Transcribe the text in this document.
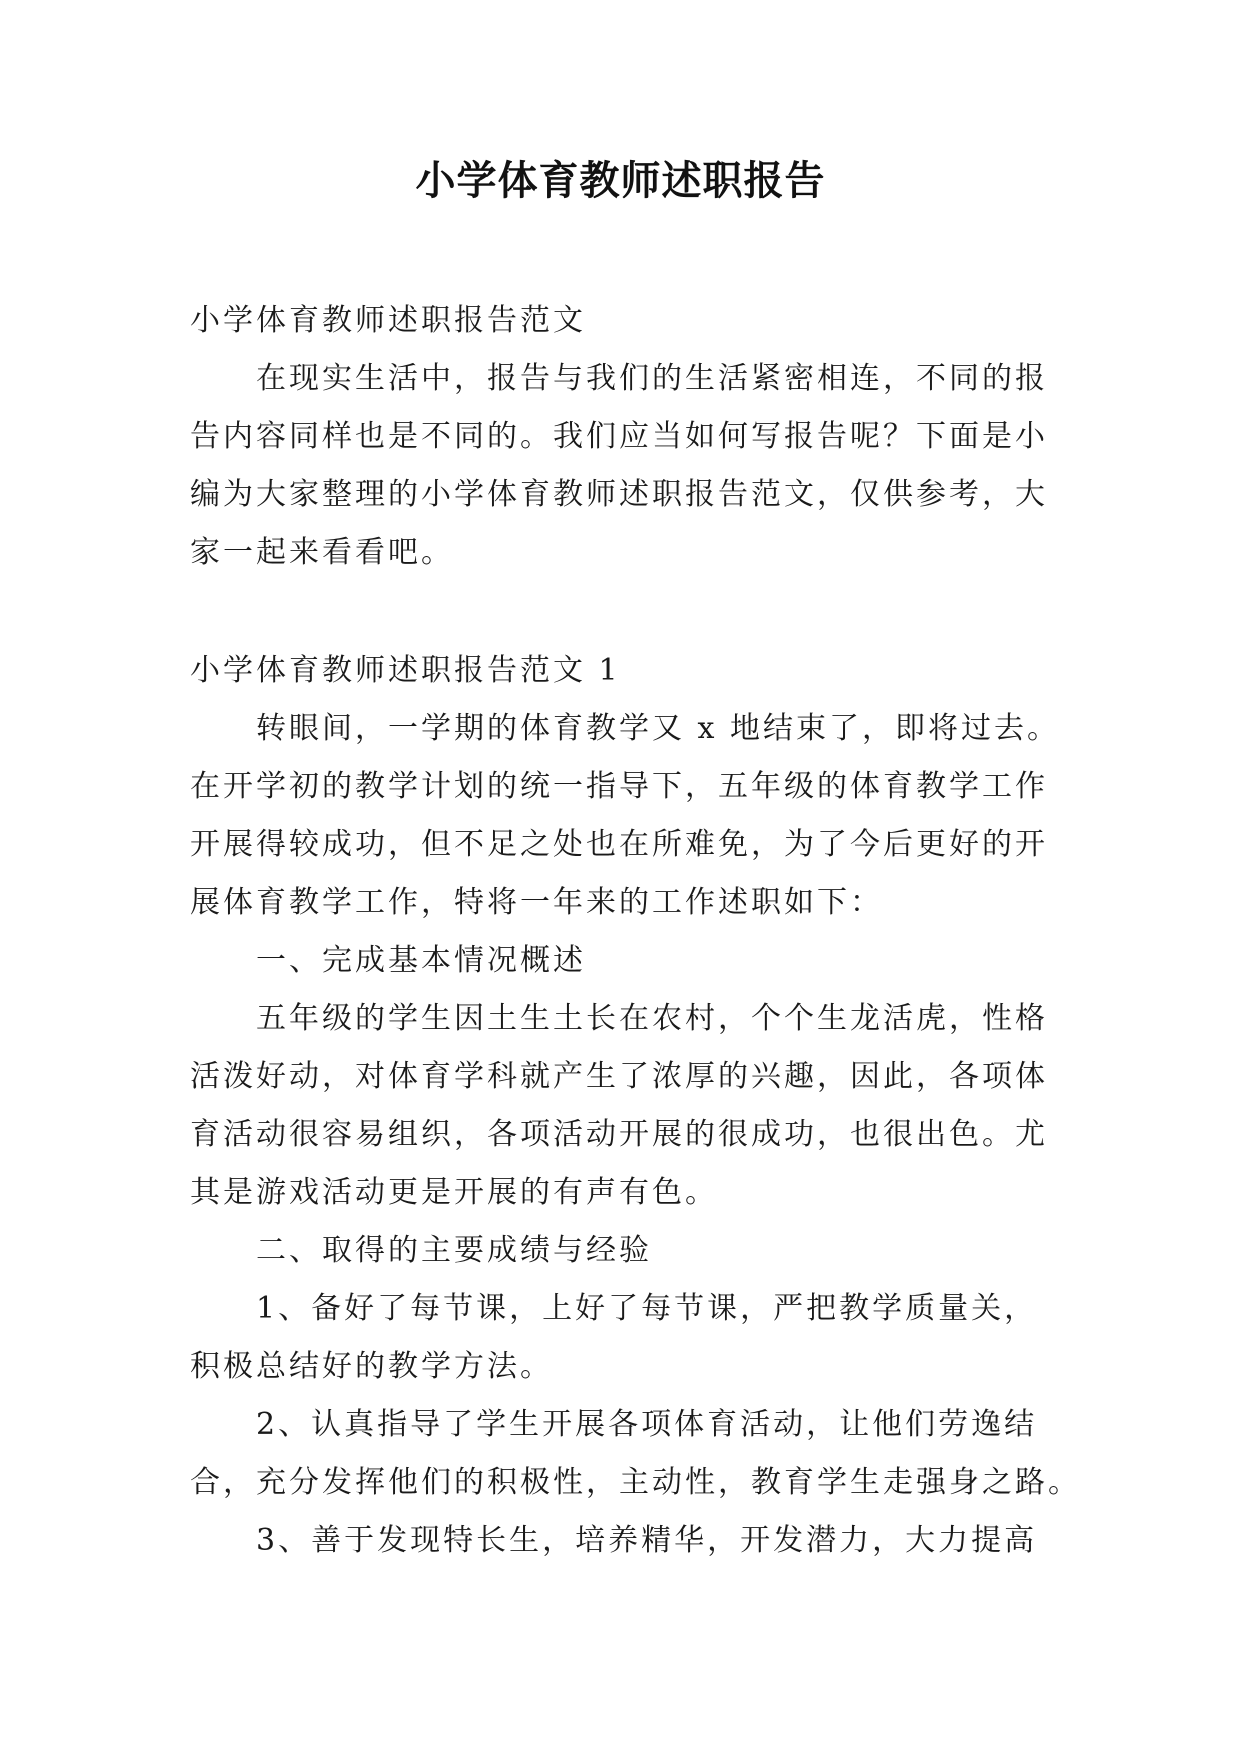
小学体育教师述职报告
小学体育教师述职报告范文
在现实生活中，报告与我们的生活紧密相连，不同的报
告内容同样也是不同的。我们应当如何写报告呢？下面是小
编为大家整理的小学体育教师述职报告范文，仅供参考，大
家一起来看看吧。
小学体育教师述职报告范文 1
转眼间，一学期的体育教学又 x 地结束了，即将过去。
在开学初的教学计划的统一指导下，五年级的体育教学工作
开展得较成功，但不足之处也在所难免，为了今后更好的开
展体育教学工作，特将一年来的工作述职如下：
一、完成基本情况概述
五年级的学生因土生土长在农村，个个生龙活虎，性格
活泼好动，对体育学科就产生了浓厚的兴趣，因此，各项体
育活动很容易组织，各项活动开展的很成功，也很出色。尤
其是游戏活动更是开展的有声有色。
二、取得的主要成绩与经验
1、备好了每节课，上好了每节课，严把教学质量关，
积极总结好的教学方法。
2、认真指导了学生开展各项体育活动，让他们劳逸结
合，充分发挥他们的积极性，主动性，教育学生走强身之路。
3、善于发现特长生，培养精华，开发潜力，大力提高
